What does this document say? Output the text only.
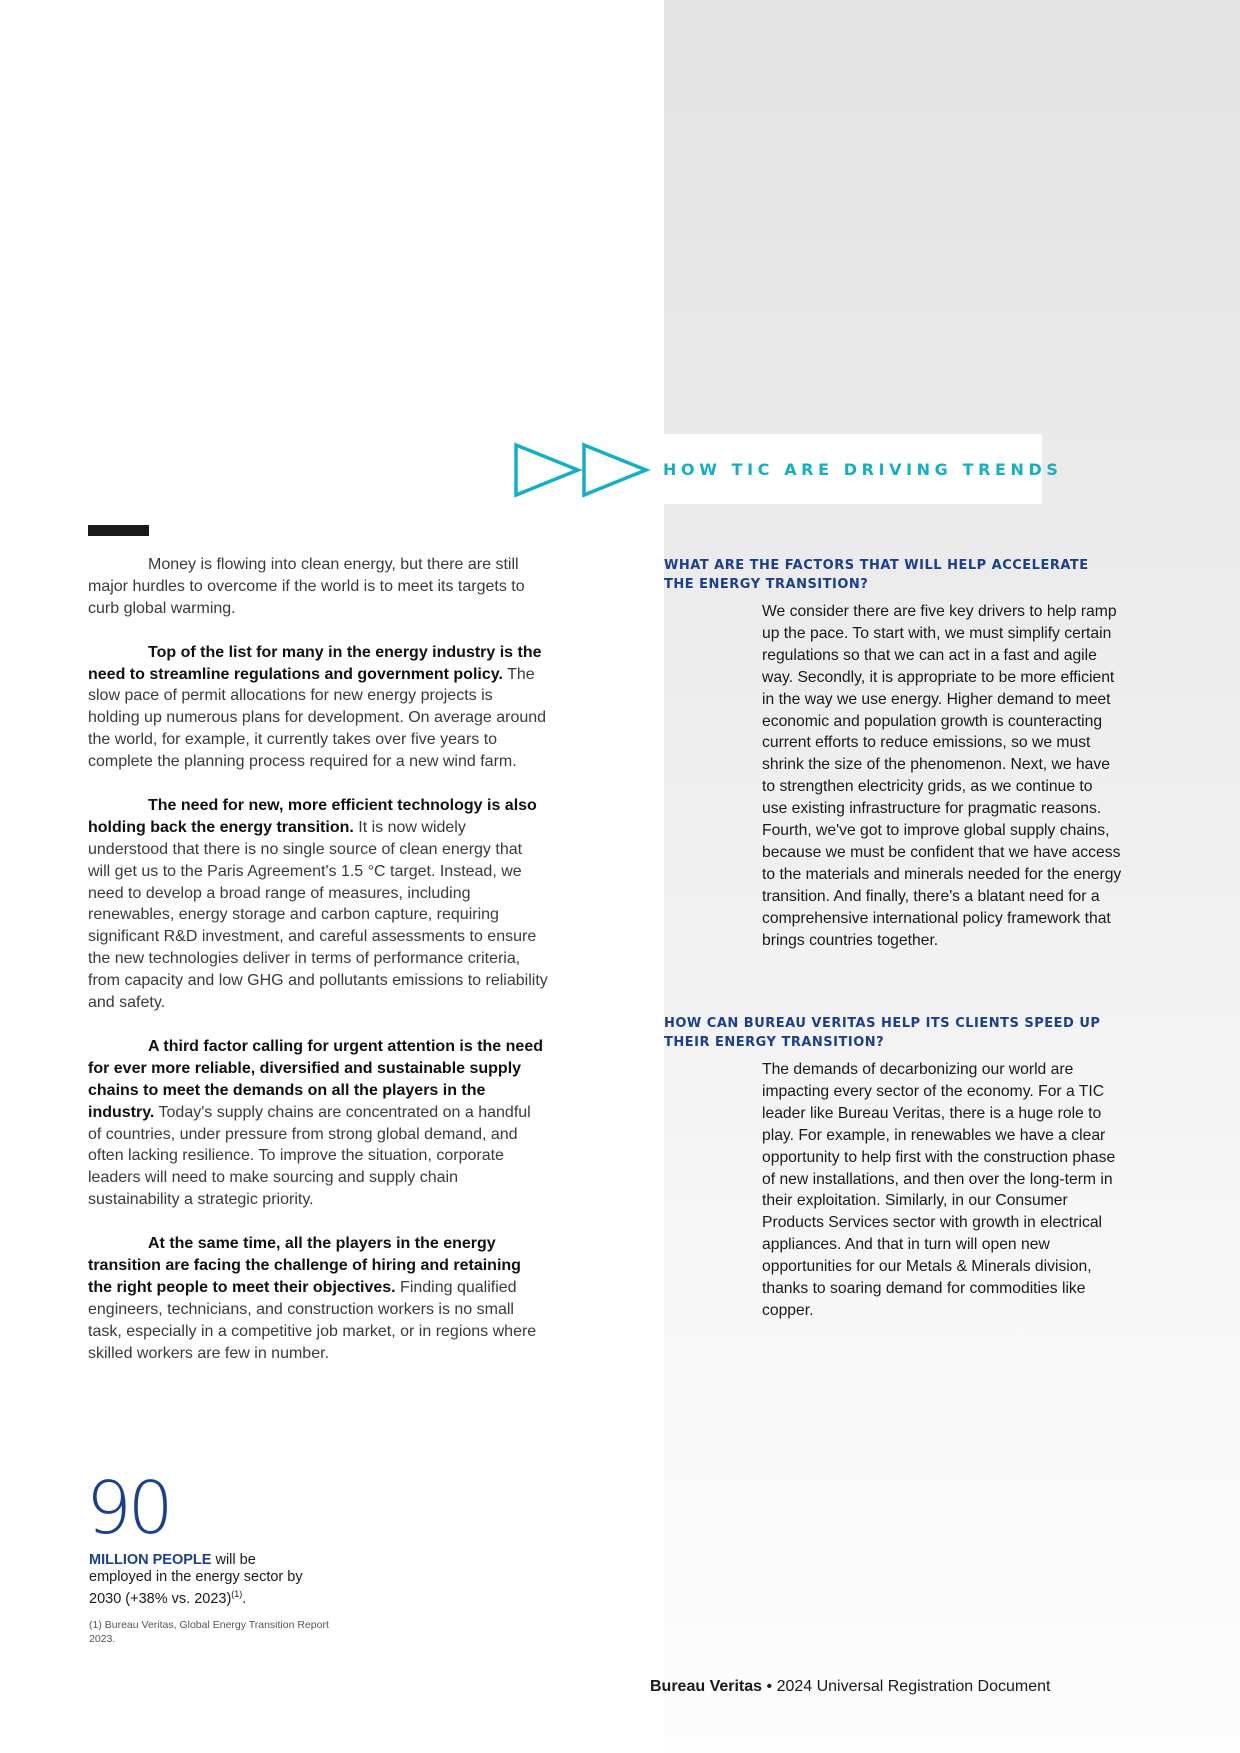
HOW TIC ARE DRIVING TRENDS

Money is flowing into clean energy, but there are still major hurdles to overcome if the world is to meet its targets to curb global warming.

Top of the list for many in the energy industry is the need to streamline regulations and government policy. The slow pace of permit allocations for new energy projects is holding up numerous plans for development. On average around the world, for example, it currently takes over five years to complete the planning process required for a new wind farm.

The need for new, more efficient technology is also holding back the energy transition. It is now widely understood that there is no single source of clean energy that will get us to the Paris Agreement's 1.5 °C target. Instead, we need to develop a broad range of measures, including renewables, energy storage and carbon capture, requiring significant R&D investment, and careful assessments to ensure the new technologies deliver in terms of performance criteria, from capacity and low GHG and pollutants emissions to reliability and safety.

A third factor calling for urgent attention is the need for ever more reliable, diversified and sustainable supply chains to meet the demands on all the players in the industry. Today's supply chains are concentrated on a handful of countries, under pressure from strong global demand, and often lacking resilience. To improve the situation, corporate leaders will need to make sourcing and supply chain sustainability a strategic priority.

At the same time, all the players in the energy transition are facing the challenge of hiring and retaining the right people to meet their objectives. Finding qualified engineers, technicians, and construction workers is no small task, especially in a competitive job market, or in regions where skilled workers are few in number.

90
MILLION PEOPLE will be employed in the energy sector by 2030 (+38% vs. 2023)$^{(1)}$.
(1) Bureau Veritas, Global Energy Transition Report 2023.
WHAT ARE THE FACTORS THAT WILL HELP ACCELERATE THE ENERGY TRANSITION?
We consider there are five key drivers to help ramp up the pace. To start with, we must simplify certain regulations so that we can act in a fast and agile way. Secondly, it is appropriate to be more efficient in the way we use energy. Higher demand to meet economic and population growth is counteracting current efforts to reduce emissions, so we must shrink the size of the phenomenon. Next, we have to strengthen electricity grids, as we continue to use existing infrastructure for pragmatic reasons. Fourth, we've got to improve global supply chains, because we must be confident that we have access to the materials and minerals needed for the energy transition. And finally, there's a blatant need for a comprehensive international policy framework that brings countries together.
HOW CAN BUREAU VERITAS HELP ITS CLIENTS SPEED UP THEIR ENERGY TRANSITION?
The demands of decarbonizing our world are impacting every sector of the economy. For a TIC leader like Bureau Veritas, there is a huge role to play. For example, in renewables we have a clear opportunity to help first with the construction phase of new installations, and then over the long-term in their exploitation. Similarly, in our Consumer Products Services sector with growth in electrical appliances. And that in turn will open new opportunities for our Metals & Minerals division, thanks to soaring demand for commodities like copper.
Bureau Veritas • 2024 Universal Registration Document
